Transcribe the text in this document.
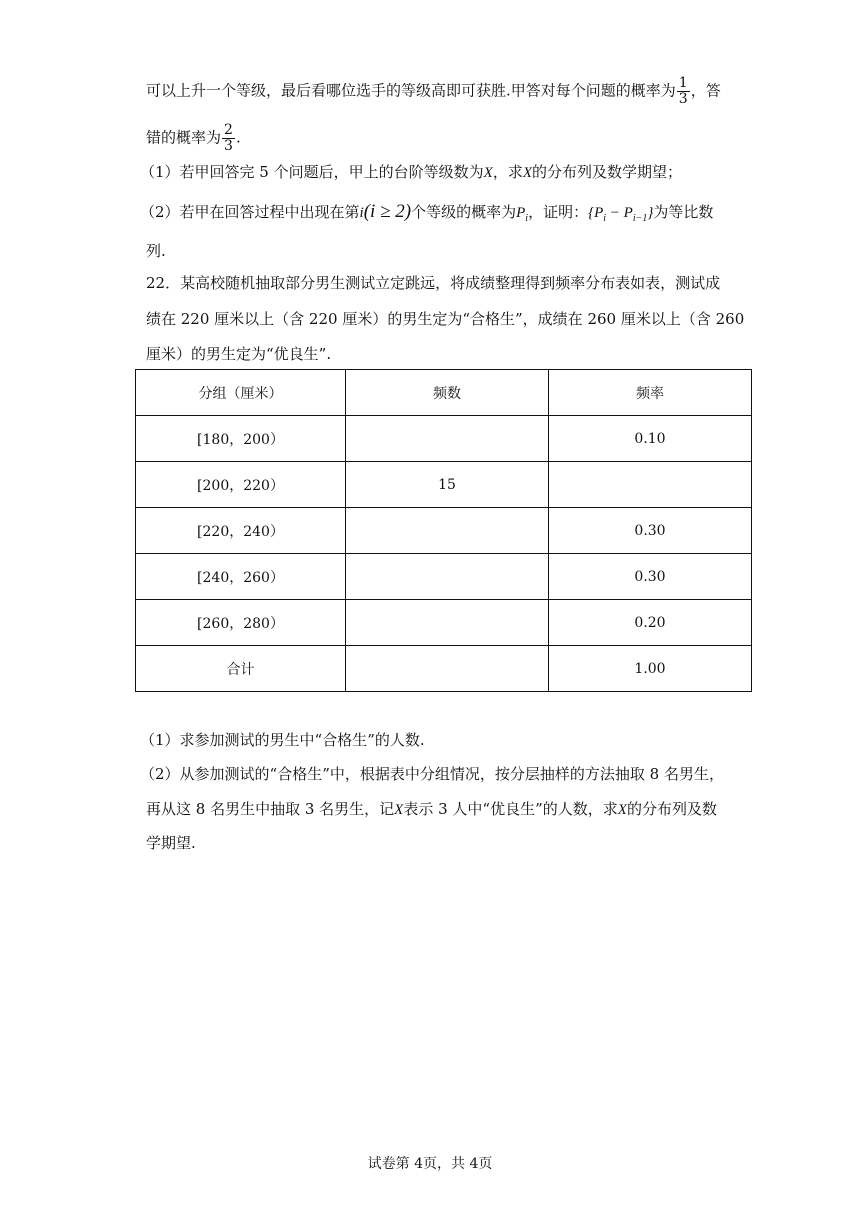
可以上升一个等级，最后看哪位选手的等级高即可获胜.甲答对每个问题的概率为 $\frac{1}{3}$ ，答
错的概率为 $\frac{2}{3}$ .
（1）若甲回答完 5 个问题后，甲上的台阶等级数为X，求X的分布列及数学期望；
（2）若甲在回答过程中出现在第i(i ≥ 2)个等级的概率为$P_i$，证明：$\{P_i - P_{i-1}\}$为等比数
列.
22．某高校随机抽取部分男生测试立定跳远，将成绩整理得到频率分布表如表，测试成
绩在 220 厘米以上（含 220 厘米）的男生定为“合格生”，成绩在 260 厘米以上（含 260
厘米）的男生定为“优良生”.
分组（厘米）	频数	频率
[180，200）		0.10
[200，220）	15	
[220，240）		0.30
[240，260）		0.30
[260，280）		0.20
合计		1.00
（1）求参加测试的男生中“合格生”的人数.
（2）从参加测试的“合格生”中，根据表中分组情况，按分层抽样的方法抽取 8 名男生，
再从这 8 名男生中抽取 3 名男生，记X表示 3 人中“优良生”的人数，求X的分布列及数
学期望.
试卷第 4页，共 4页
